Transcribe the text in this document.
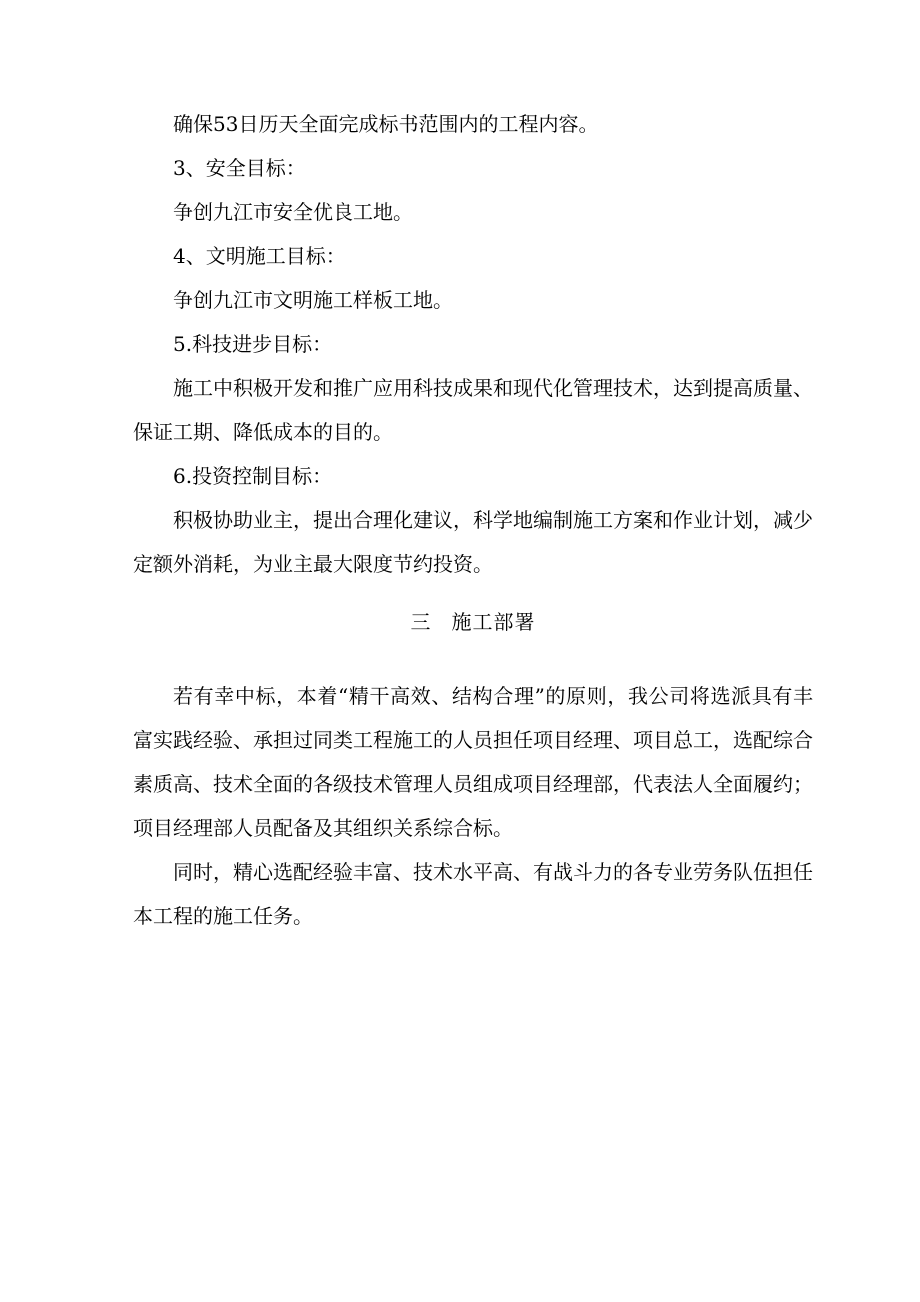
确保53日历天全面完成标书范围内的工程内容。

3、安全目标：

争创九江市安全优良工地。

4、文明施工目标：

争创九江市文明施工样板工地。

5.科技进步目标：

施工中积极开发和推广应用科技成果和现代化管理技术，达到提高质量、保证工期、降低成本的目的。

6.投资控制目标：

积极协助业主，提出合理化建议，科学地编制施工方案和作业计划，减少定额外消耗，为业主最大限度节约投资。

三 施工部署

若有幸中标，本着“精干高效、结构合理”的原则，我公司将选派具有丰富实践经验、承担过同类工程施工的人员担任项目经理、项目总工，选配综合素质高、技术全面的各级技术管理人员组成项目经理部，代表法人全面履约；项目经理部人员配备及其组织关系综合标。

同时，精心选配经验丰富、技术水平高、有战斗力的各专业劳务队伍担任本工程的施工任务。
